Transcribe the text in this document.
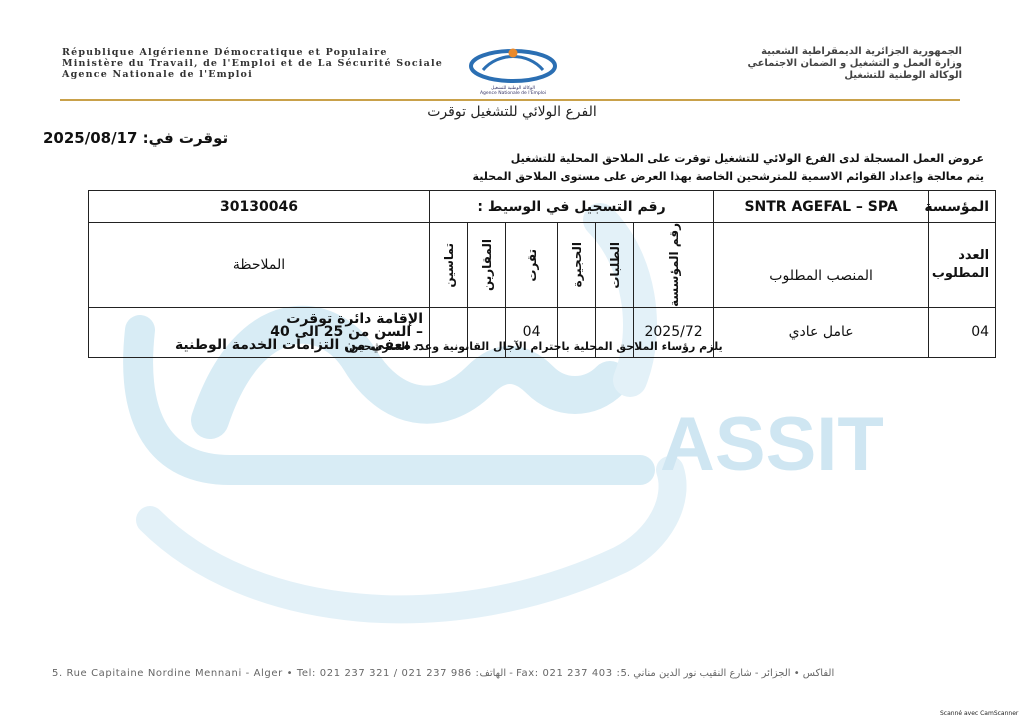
ASSIT
République Algérienne Démocratique et Populaire
Ministère du Travail, de l'Emploi et de La Sécurité Sociale
Agence Nationale de l'Emploi
الوكالة الوطنية للتشغيل
Agence Nationale de l'Emploi
الجمهورية الجزائرية الديمقراطية الشعبية
وزارة العمل و التشغيل و الضمان الاجتماعي
الوكالة الوطنية للتشغيل
الفرع الولائي للتشغيل توقرت
توقرت في: 2025/08/17
عروض العمل المسجلة لدى الفرع الولائي للتشغيل توقرت على الملاحق المحلية للتشغيل
يتم معالجة وإعداد القوائم الاسمية للمترشحين الخاصة بهذا العرض على مستوى الملاحق المحلية
المؤسسة	SNTR AGEFAL – SPA	رقم التسجيل في الوسيط :						30130046
العدد المطلوب	المنصب المطلوب	رقم المؤسسة	الطلبات	الحجيرة	تقرت	المقارين	تماسين	الملاحظة
04	عامل عادي	2025/72			04			الإقامة دائرة توقرت
– السن من 25 الى 40
– معفي من التزامات الخدمة الوطنية
يلزم رؤساء الملاحق المحلية باحترام الآجال القانونية وعدد المترشحين.
5. Rue Capitaine Nordine Mennani - Alger • Tel: 021 237 321 / 021 237 986 :الهاتف - Fax: 021 237 403 :الفاكس • الجزائر - شارع النقيب نور الدين مناني .5
Scanné avec CamScanner
